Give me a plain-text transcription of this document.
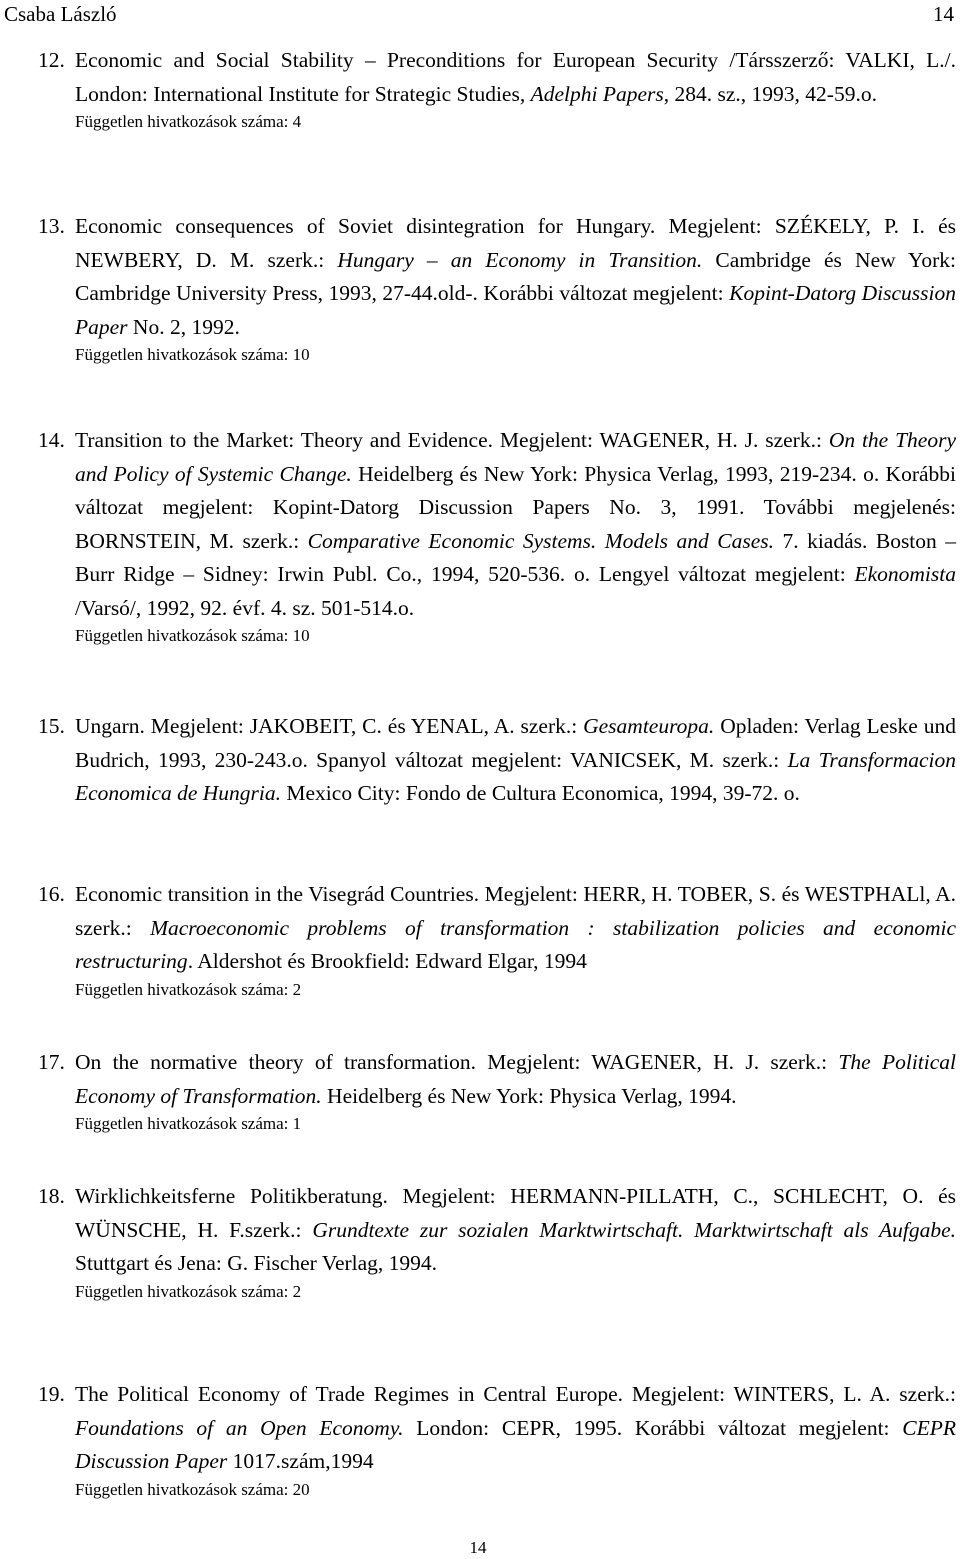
Csaba László	14
12. Economic and Social Stability – Preconditions for European Security /Társszerző: VALKI, L./. London: International Institute for Strategic Studies, Adelphi Papers, 284. sz., 1993, 42-59.o.
Független hivatkozások száma: 4
13. Economic consequences of Soviet disintegration for Hungary. Megjelent: SZÉKELY, P. I. és NEWBERY, D. M. szerk.: Hungary – an Economy in Transition. Cambridge és New York: Cambridge University Press, 1993, 27-44.old-. Korábbi változat megjelent: Kopint-Datorg Discussion Paper No. 2, 1992.
Független hivatkozások száma: 10
14. Transition to the Market: Theory and Evidence. Megjelent: WAGENER, H. J. szerk.: On the Theory and Policy of Systemic Change. Heidelberg és New York: Physica Verlag, 1993, 219-234. o. Korábbi változat megjelent: Kopint-Datorg Discussion Papers No. 3, 1991. További megjelenés: BORNSTEIN, M. szerk.: Comparative Economic Systems. Models and Cases. 7. kiadás. Boston – Burr Ridge – Sidney: Irwin Publ. Co., 1994, 520-536. o. Lengyel változat megjelent: Ekonomista /Varsó/, 1992, 92. évf. 4. sz. 501-514.o.
Független hivatkozások száma: 10
15. Ungarn. Megjelent: JAKOBEIT, C. és YENAL, A. szerk.: Gesamteuropa. Opladen: Verlag Leske und Budrich, 1993, 230-243.o. Spanyol változat megjelent: VANICSEK, M. szerk.: La Transformacion Economica de Hungria. Mexico City: Fondo de Cultura Economica, 1994, 39-72. o.
16. Economic transition in the Visegrád Countries. Megjelent: HERR, H. TOBER, S. és WESTPHALl, A. szerk.: Macroeconomic problems of transformation : stabilization policies and economic restructuring. Aldershot és Brookfield: Edward Elgar, 1994
Független hivatkozások száma: 2
17. On the normative theory of transformation. Megjelent: WAGENER, H. J. szerk.: The Political Economy of Transformation. Heidelberg és New York: Physica Verlag, 1994.
Független hivatkozások száma: 1
18. Wirklichkeitsferne Politikberatung. Megjelent: HERMANN-PILLATH, C., SCHLECHT, O. és WÜNSCHE, H. F.szerk.: Grundtexte zur sozialen Marktwirtschaft. Marktwirtschaft als Aufgabe. Stuttgart és Jena: G. Fischer Verlag, 1994.
Független hivatkozások száma: 2
19. The Political Economy of Trade Regimes in Central Europe. Megjelent: WINTERS, L. A. szerk.: Foundations of an Open Economy. London: CEPR, 1995. Korábbi változat megjelent: CEPR Discussion Paper 1017.szám,1994
Független hivatkozások száma: 20
14
